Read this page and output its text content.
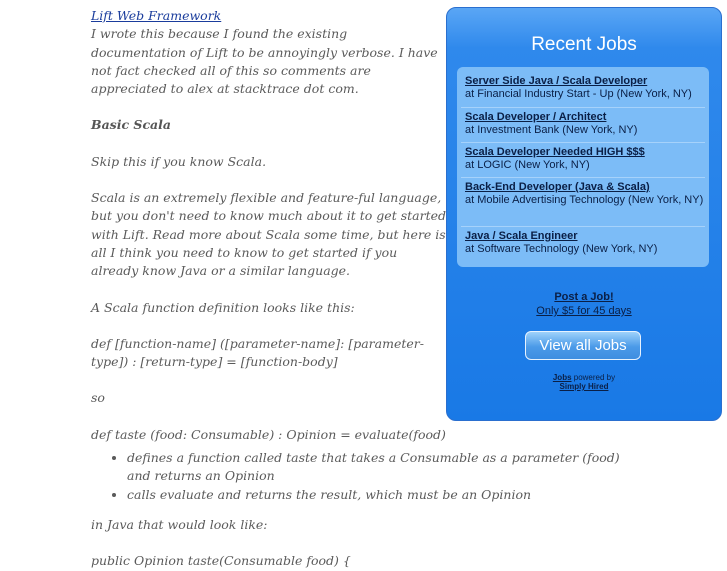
Lift Web Framework

I wrote this because I found the existing documentation of Lift to be annoyingly verbose. I have not fact checked all of this so comments are appreciated to alex at stacktrace dot com.

Basic Scala

Skip this if you know Scala.

Scala is an extremely flexible and feature-ful language, but you don't need to know much about it to get started with Lift. Read more about Scala some time, but here is all I think you need to know to get started if you already know Java or a similar language.

A Scala function definition looks like this:

def [function-name] ([parameter-name]: [parameter-type]) : [return-type] = [function-body]

so

def taste (food: Consumable) : Opinion = evaluate(food)

• defines a function called taste that takes a Consumable as a parameter (food) and returns an Opinion
• calls evaluate and returns the result, which must be an Opinion

in Java that would look like:

public Opinion taste(Consumable food) {

Recent Jobs
Server Side Java / Scala Developer
at Financial Industry Start - Up (New York, NY)
Scala Developer / Architect
at Investment Bank (New York, NY)
Scala Developer Needed HIGH $$$
at LOGIC (New York, NY)
Back-End Developer (Java & Scala)
at Mobile Advertising Technology (New York, NY)
Java / Scala Engineer
at Software Technology (New York, NY)
Post a Job!
Only $5 for 45 days
View all Jobs
Jobs powered by
Simply Hired
